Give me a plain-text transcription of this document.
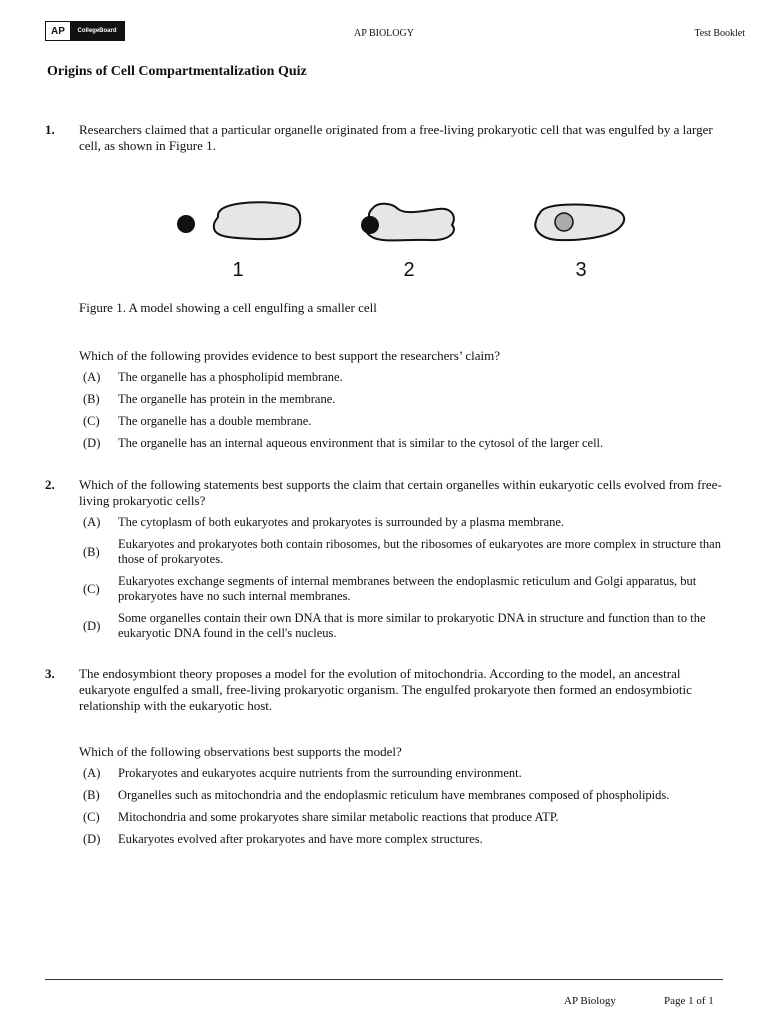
AP	CollegeBoard	AP BIOLOGY	Test Booklet
Origins of Cell Compartmentalization Quiz
1. Researchers claimed that a particular organelle originated from a free-living prokaryotic cell that was engulfed by a larger cell, as shown in Figure 1.
1	2	3
Figure 1. A model showing a cell engulfing a smaller cell
Which of the following provides evidence to best support the researchers’ claim?
(A)	The organelle has a phospholipid membrane.
(B)	The organelle has protein in the membrane.
(C)	The organelle has a double membrane.
(D)	The organelle has an internal aqueous environment that is similar to the cytosol of the larger cell.
2. Which of the following statements best supports the claim that certain organelles within eukaryotic cells evolved from free-living prokaryotic cells?
(A)	The cytoplasm of both eukaryotes and prokaryotes is surrounded by a plasma membrane.
(B)
Eukaryotes and prokaryotes both contain ribosomes, but the ribosomes of eukaryotes are more complex in structure than those of prokaryotes.
(C)
Eukaryotes exchange segments of internal membranes between the endoplasmic reticulum and Golgi apparatus, but prokaryotes have no such internal membranes.
(D)
Some organelles contain their own DNA that is more similar to prokaryotic DNA in structure and function than to the eukaryotic DNA found in the cell's nucleus.
3. The endosymbiont theory proposes a model for the evolution of mitochondria. According to the model, an ancestral eukaryote engulfed a small, free-living prokaryotic organism. The engulfed prokaryote then formed an endosymbiotic relationship with the eukaryotic host.
Which of the following observations best supports the model?
(A)	Prokaryotes and eukaryotes acquire nutrients from the surrounding environment.
(B)	Organelles such as mitochondria and the endoplasmic reticulum have membranes composed of phospholipids.
(C)	Mitochondria and some prokaryotes share similar metabolic reactions that produce ATP.
(D)	Eukaryotes evolved after prokaryotes and have more complex structures.
AP Biology	Page 1 of 1
